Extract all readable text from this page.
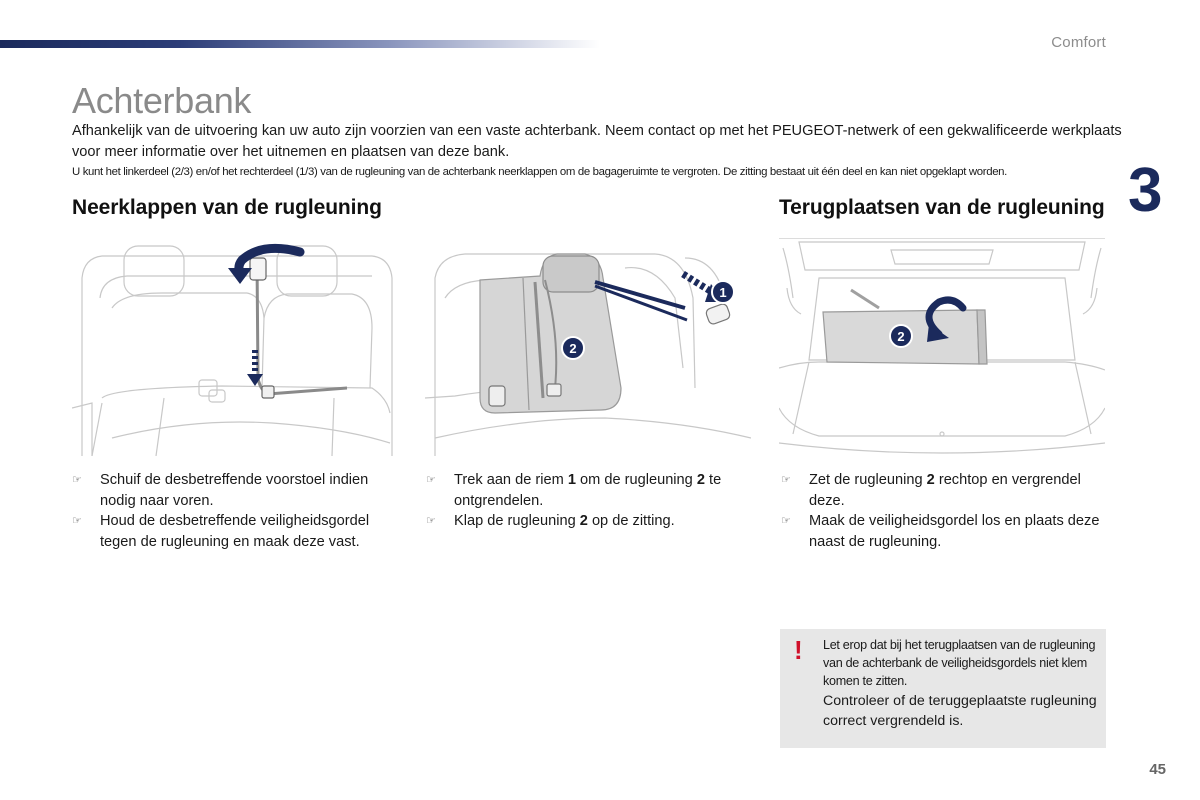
Comfort
Achterbank

Afhankelijk van de uitvoering kan uw auto zijn voorzien van een vaste achterbank. Neem contact op met het PEUGEOT-netwerk of een gekwalificeerde werkplaats voor meer informatie over het uitnemen en plaatsen van deze bank.

U kunt het linkerdeel (2/3) en/of het rechterdeel (1/3) van de rugleuning van de achterbank neerklappen om de bagageruimte te vergroten. De zitting bestaat uit één deel en kan niet opgeklapt worden.	3
Neerklappen van de rugleuning	Terugplaatsen van de rugleuning
1
2
2
☞ Schuif de desbetreffende voorstoel indien nodig naar voren.
☞ Houd de desbetreffende veiligheidsgordel tegen de rugleuning en maak deze vast.
☞ Trek aan de riem 1 om de rugleuning 2 te ontgrendelen.
☞ Klap de rugleuning 2 op de zitting.
☞ Zet de rugleuning 2 rechtop en vergrendel deze.
☞ Maak de veiligheidsgordel los en plaats deze naast de rugleuning.
! Let erop dat bij het terugplaatsen van de rugleuning van de achterbank de veiligheidsgordels niet klem komen te zitten.
Controleer of de teruggeplaatste rugleuning correct vergrendeld is.
45
